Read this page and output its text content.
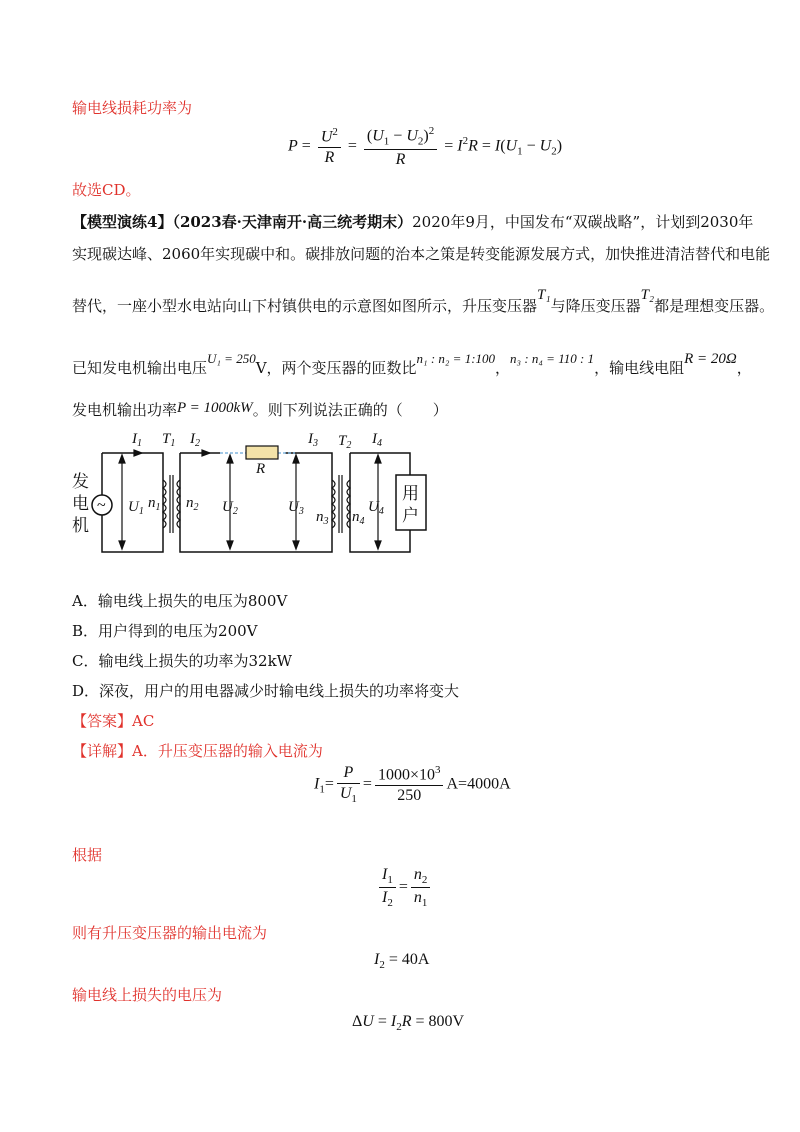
输电线损耗功率为
$P = \frac{U^2}{R} = \frac{(U_1 - U_2)^2}{R} = I^2R = I(U_1 - U_2)$
故选CD。
【模型演练4】（2023春·天津南开·高三统考期末）2020年9月，中国发布“双碳战略”，计划到2030年
实现碳达峰、2060年实现碳中和。碳排放问题的治本之策是转变能源发展方式，加快推进清洁替代和电能
替代，一座小型水电站向山下村镇供电的示意图如图所示，升压变压器T₁与降压变压器T₂都是理想变压器。
已知发电机输出电压U₁ = 250V，两个变压器的匝数比n₁ : n₂ = 1:100，n₃ : n₄ = 110 : 1，输电线电阻R = 20Ω，
发电机输出功率P = 1000kW。则下列说法正确的（　　）
~
$I_1$ $T_1$ $I_2$
R
$I_3$ $T_2$ $I_4$
$U_1$
$n_1$ $n_2$ $U_2$	$U_3$ $n_3$ $n_4$
$U_4$
发
电
机
用
户
A．输电线上损失的电压为800V
B．用户得到的电压为200V
C．输电线上损失的功率为32kW
D．深夜，用户的用电器减少时输电线上损失的功率将变大
【答案】AC
【详解】A．升压变压器的输入电流为
$I_1= \frac{P}{U_1} = \frac{1000\times 10^3}{250} A=4000A$
根据
$\frac{I_1}{I_2} = \frac{n_2}{n_1}$
则有升压变压器的输出电流为
$I_2 = 40A$
输电线上损失的电压为
$\Delta U = I_2R = 800V$
